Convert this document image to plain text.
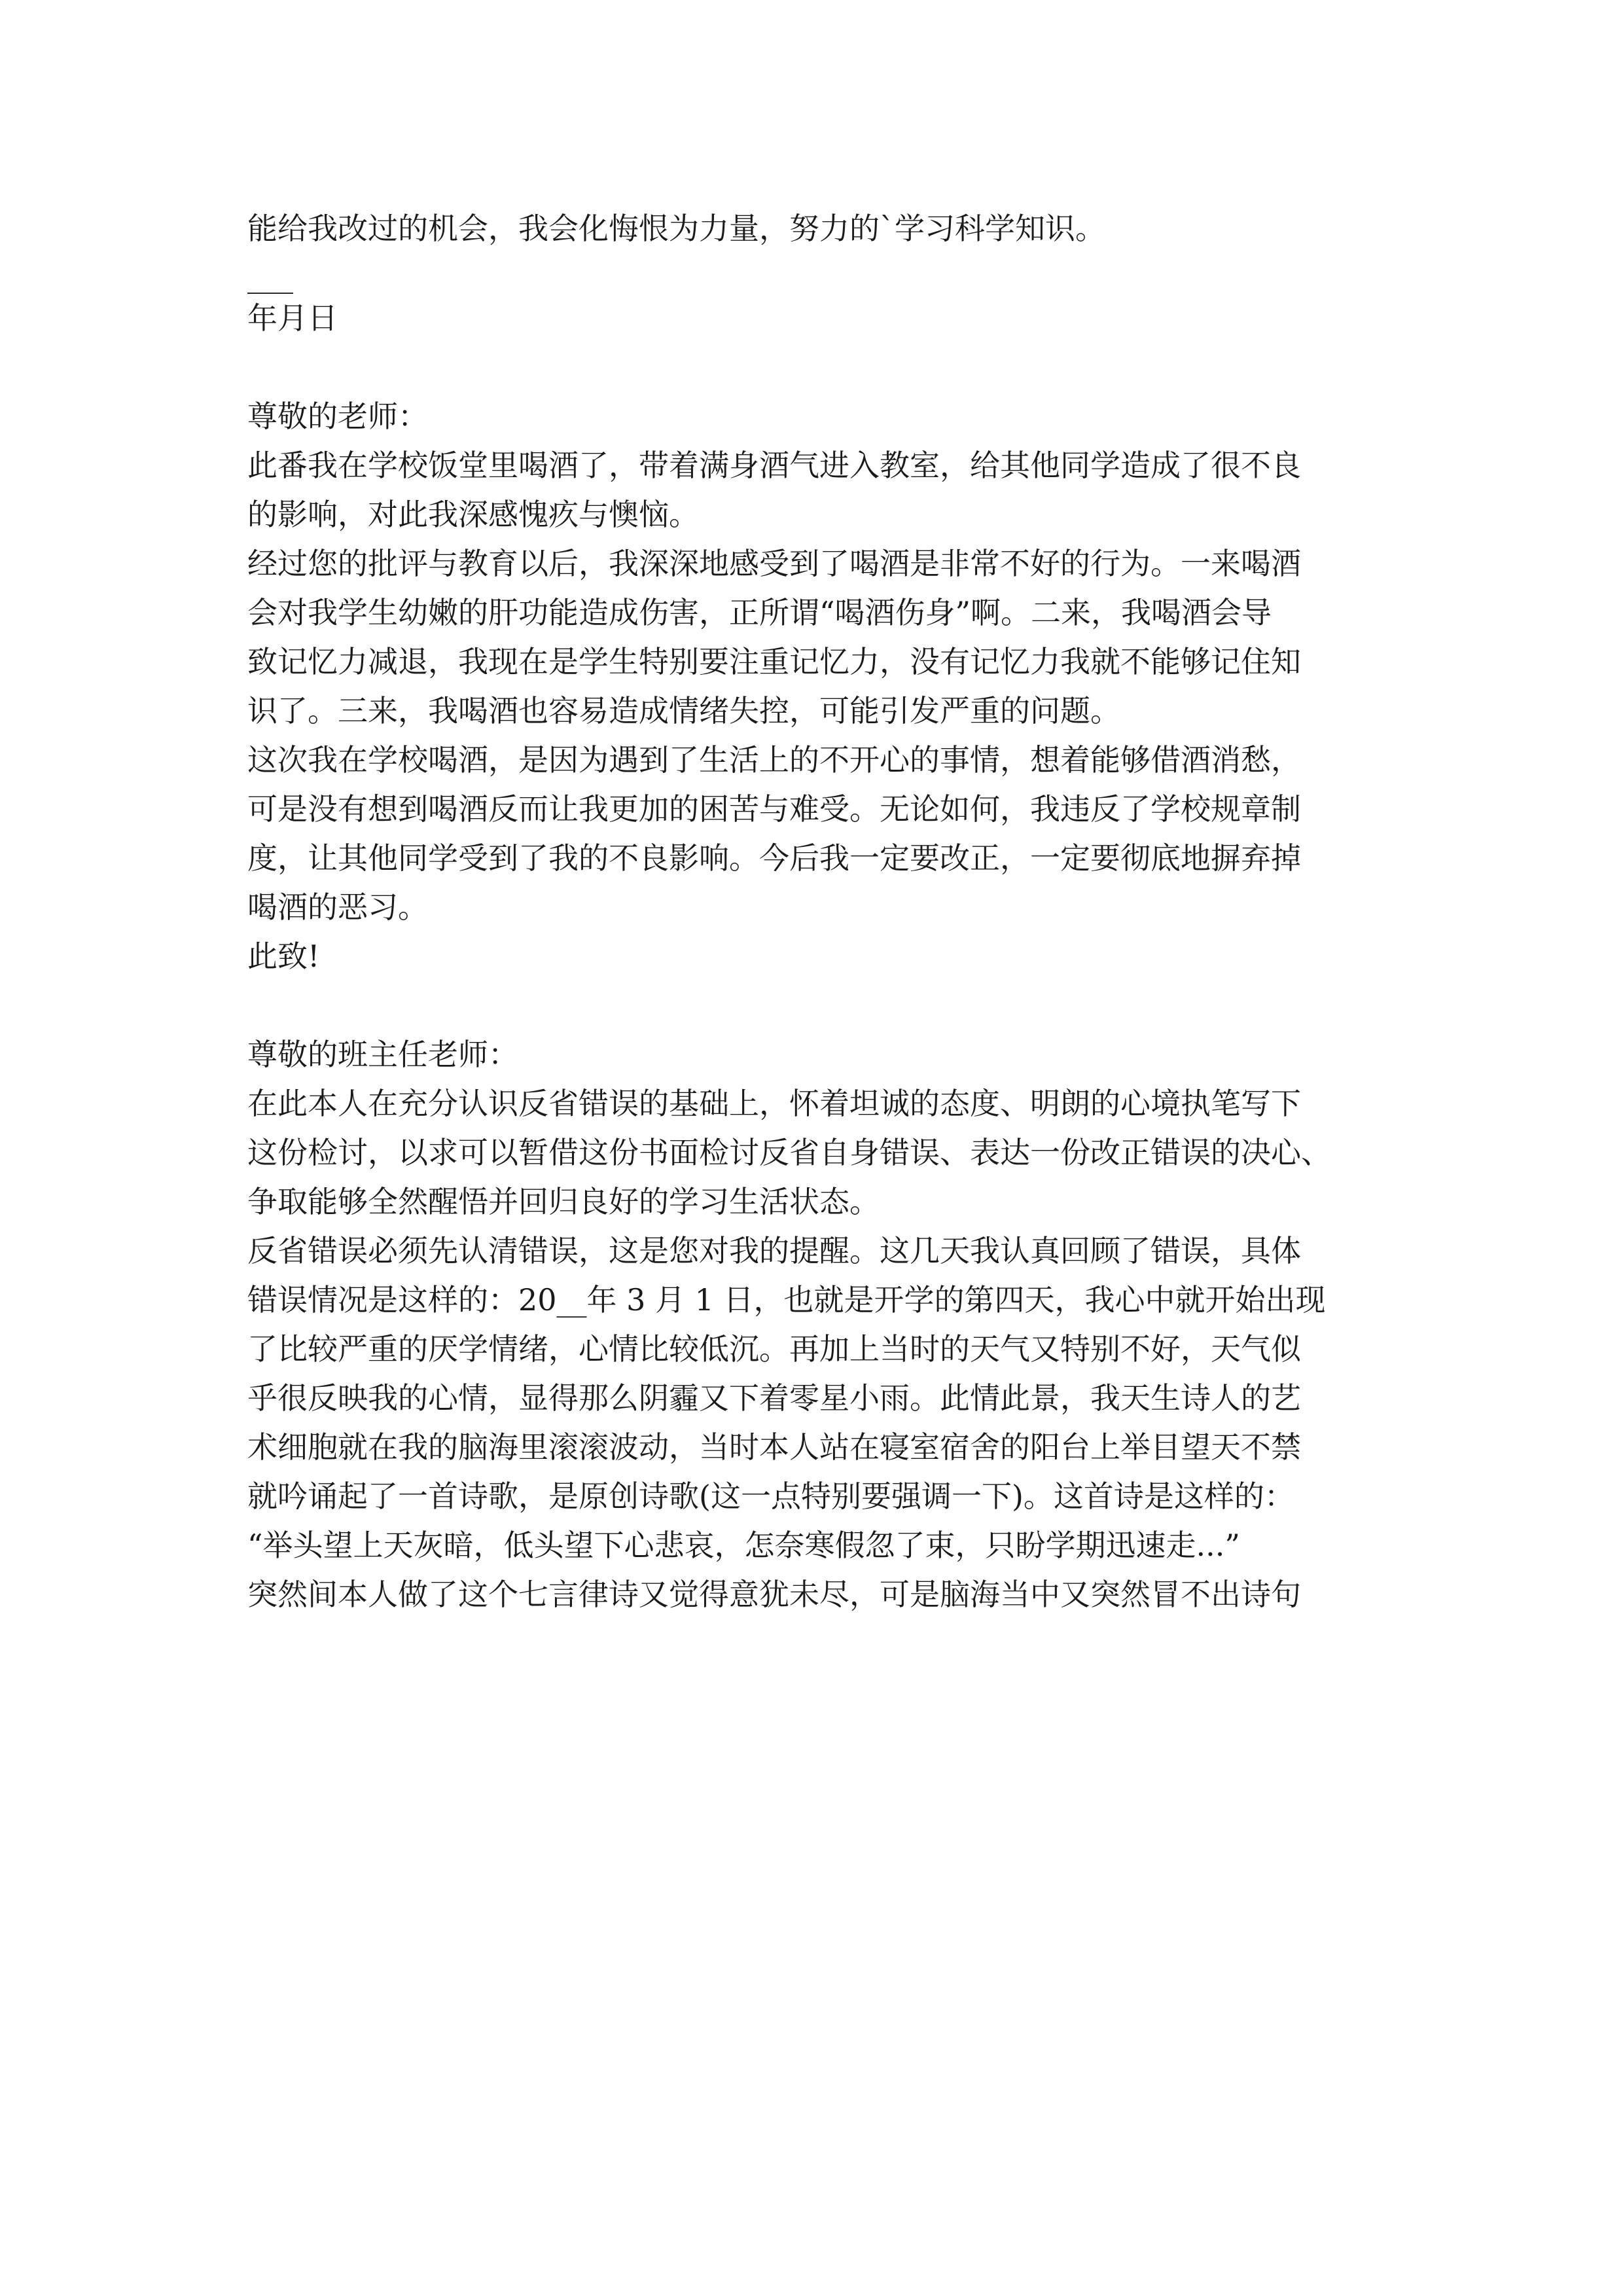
能给我改过的机会，我会化悔恨为力量，努力的`学习科学知识。

年月日

尊敬的老师：

此番我在学校饭堂里喝酒了，带着满身酒气进入教室，给其他同学造成了很不良

的影响，对此我深感愧疚与懊恼。

经过您的批评与教育以后，我深深地感受到了喝酒是非常不好的行为。一来喝酒

会对我学生幼嫩的肝功能造成伤害，正所谓“喝酒伤身”啊。二来，我喝酒会导

致记忆力减退，我现在是学生特别要注重记忆力，没有记忆力我就不能够记住知

识了。三来，我喝酒也容易造成情绪失控，可能引发严重的问题。

这次我在学校喝酒，是因为遇到了生活上的不开心的事情，想着能够借酒消愁，

可是没有想到喝酒反而让我更加的困苦与难受。无论如何，我违反了学校规章制

度，让其他同学受到了我的不良影响。今后我一定要改正，一定要彻底地摒弃掉

喝酒的恶习。

此致!

尊敬的班主任老师：

在此本人在充分认识反省错误的基础上，怀着坦诚的态度、明朗的心境执笔写下

这份检讨，以求可以暂借这份书面检讨反省自身错误、表达一份改正错误的决心、

争取能够全然醒悟并回归良好的学习生活状态。

反省错误必须先认清错误，这是您对我的提醒。这几天我认真回顾了错误，具体

错误情况是这样的：20__年 3 月 1 日，也就是开学的第四天，我心中就开始出现

了比较严重的厌学情绪，心情比较低沉。再加上当时的天气又特别不好，天气似

乎很反映我的心情，显得那么阴霾又下着零星小雨。此情此景，我天生诗人的艺

术细胞就在我的脑海里滚滚波动，当时本人站在寝室宿舍的阳台上举目望天不禁

就吟诵起了一首诗歌，是原创诗歌(这一点特别要强调一下)。这首诗是这样的：

“举头望上天灰暗，低头望下心悲哀，怎奈寒假忽了束，只盼学期迅速走...”

突然间本人做了这个七言律诗又觉得意犹未尽，可是脑海当中又突然冒不出诗句
